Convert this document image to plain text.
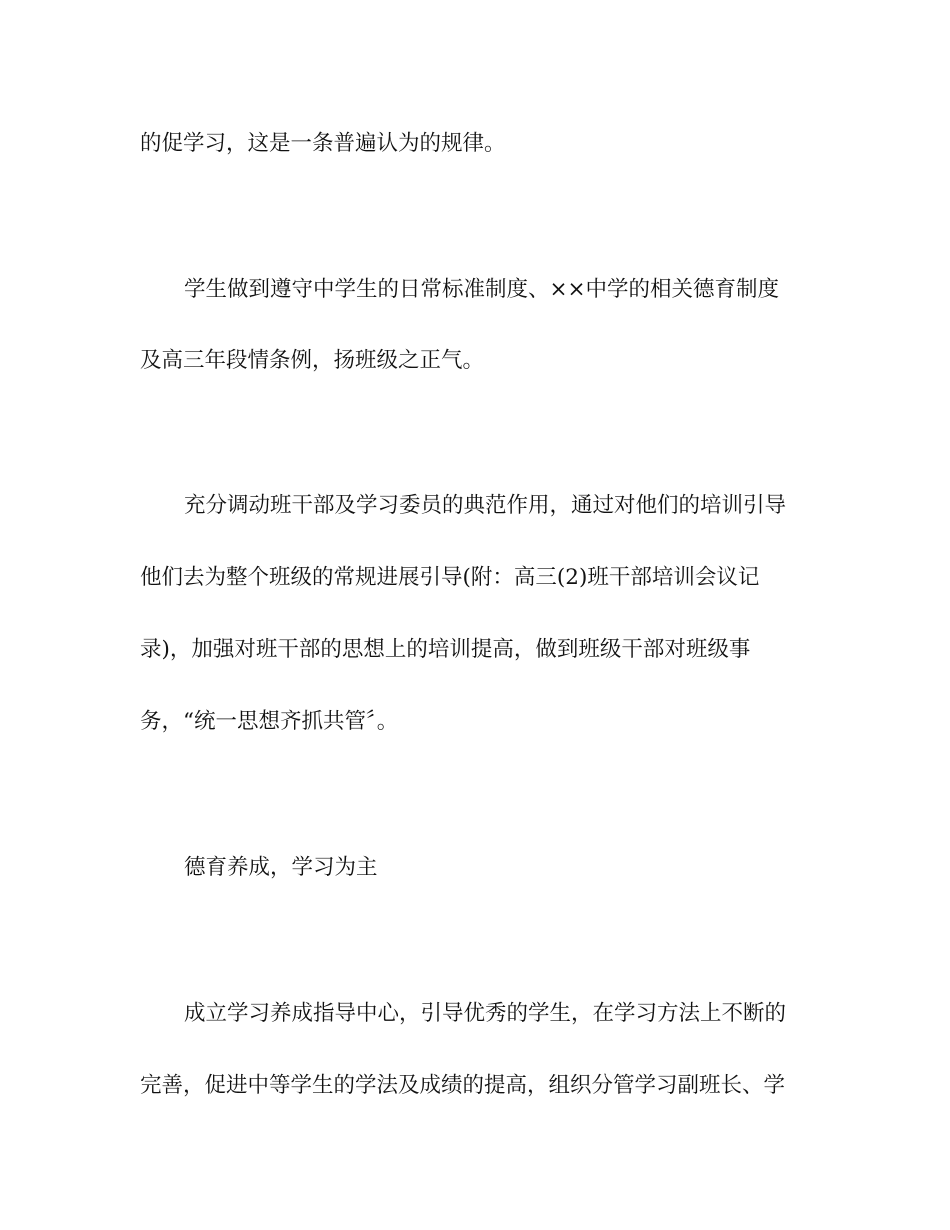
的促学习，这是一条普遍认为的规律。
学生做到遵守中学生的日常标准制度、××中学的相关德育制度
及高三年段情条例，扬班级之正气。
充分调动班干部及学习委员的典范作用，通过对他们的培训引导
他们去为整个班级的常规进展引导(附：高三(2)班干部培训会议记
录)，加强对班干部的思想上的培训提高，做到班级干部对班级事
务，“统一思想齐抓共管〞。
德育养成，学习为主
成立学习养成指导中心，引导优秀的学生，在学习方法上不断的
完善，促进中等学生的学法及成绩的提高，组织分管学习副班长、学
